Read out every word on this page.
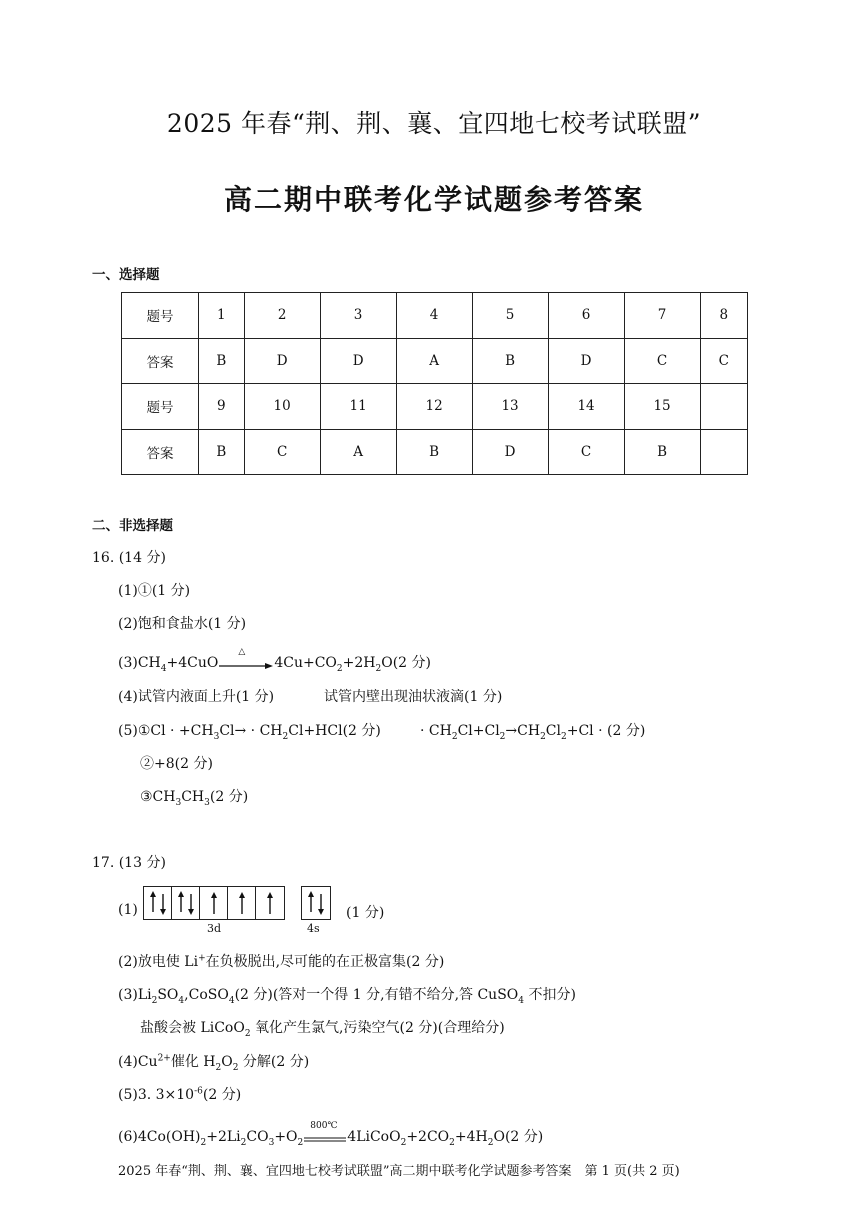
2025 年春“荆、荆、襄、宜四地七校考试联盟”
高二期中联考化学试题参考答案
一、选择题
题号	1	2	3	4	5	6	7	8
答案	B	D	D	A	B	D	C	C
题号	9	10	11	12	13	14	15	
答案	B	C	A	B	D	C	B	
二、非选择题
16. (14 分)
(1)①(1 分)
(2)饱和食盐水(1 分)
$(3)CH_4+4CuO$
△
$4Cu+CO_2+2H_2O(2$ 分)
(4)试管内液面上升(1 分)	试管内壁出现油状液滴(1 分)
(5)①Cl · $+CH_3Cl\to \cdot CH_2Cl+HCl(2$ 分)	· $CH_2Cl+Cl_2\to CH_2Cl_2+Cl \cdot (2$ 分)
②+8(2 分)
$③CH_3CH_3(2$ 分)
17. (13 分)
(1)
3d	4s
(1 分)
(2)放电使 Li+在负极脱出,尽可能的在正极富集(2 分)
$(3)Li_2SO_4,CoSO_4(2$ 分)(答对一个得 1 分,有错不给分,答 CuSO$_4$ 不扣分)
盐酸会被 LiCoO$_2$ 氧化产生氯气,污染空气(2 分)(合理给分)
$(4)Cu^{2+}$催化 $H_2O_2$ 分解(2 分)
(5)3. $3\times 10^{-6}(2$ 分)
$(6)4Co(OH)_2+2Li_2CO_3+O_2$
800℃
$4LiCoO_2+2CO_2+4H_2O(2$ 分)
2025 年春“荆、荆、襄、宜四地七校考试联盟”高二期中联考化学试题参考答案　第 1 页(共 2 页)
